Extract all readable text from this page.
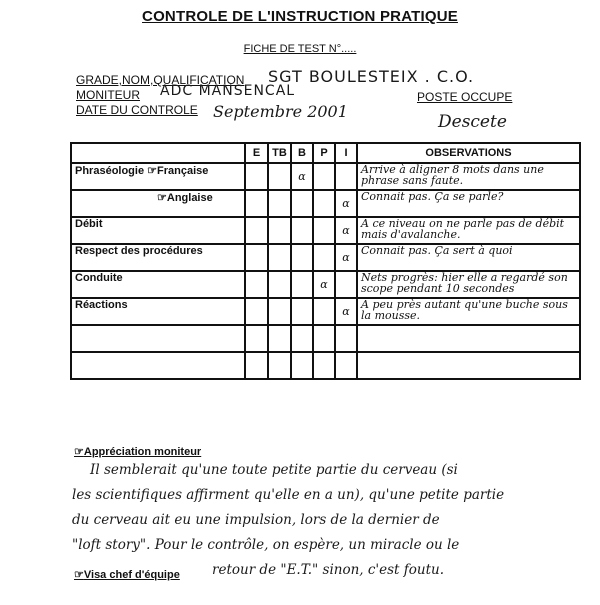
CONTROLE DE L'INSTRUCTION PRATIQUE
FICHE DE TEST N°.....
GRADE,NOM,QUALIFICATION SGT BOULESTEIX . C.O.
MONITEUR ADC MANSENCAL
DATE DU CONTROLE Septembre 2001
POSTE OCCUPE
Descete
	E	TB	B	P	I	OBSERVATIONS
Phraséologie ☞Française			α			Arrive à aligner 8 mots dans une phrase sans faute.
☞Anglaise					α	Connait pas. Ça se parle?
Débit					α	À ce niveau on ne parle pas de débit mais d'avalanche.
Respect des procédures					α	Connait pas. Ça sert à quoi
Conduite				α		Nets progrès: hier elle a regardé son scope pendant 10 secondes
Réactions					α	À peu près autant qu'une buche sous la mousse.

☞Appréciation moniteur
Il semblerait qu'une toute petite partie du cerveau (si
les scientifiques affirment qu'elle en a un), qu'une petite partie
du cerveau ait eu une impulsion, lors de la dernier de
"loft story". Pour le contrôle, on espère, un miracle ou le
retour de "E.T." sinon, c'est foutu.
☞Visa chef d'équipe
